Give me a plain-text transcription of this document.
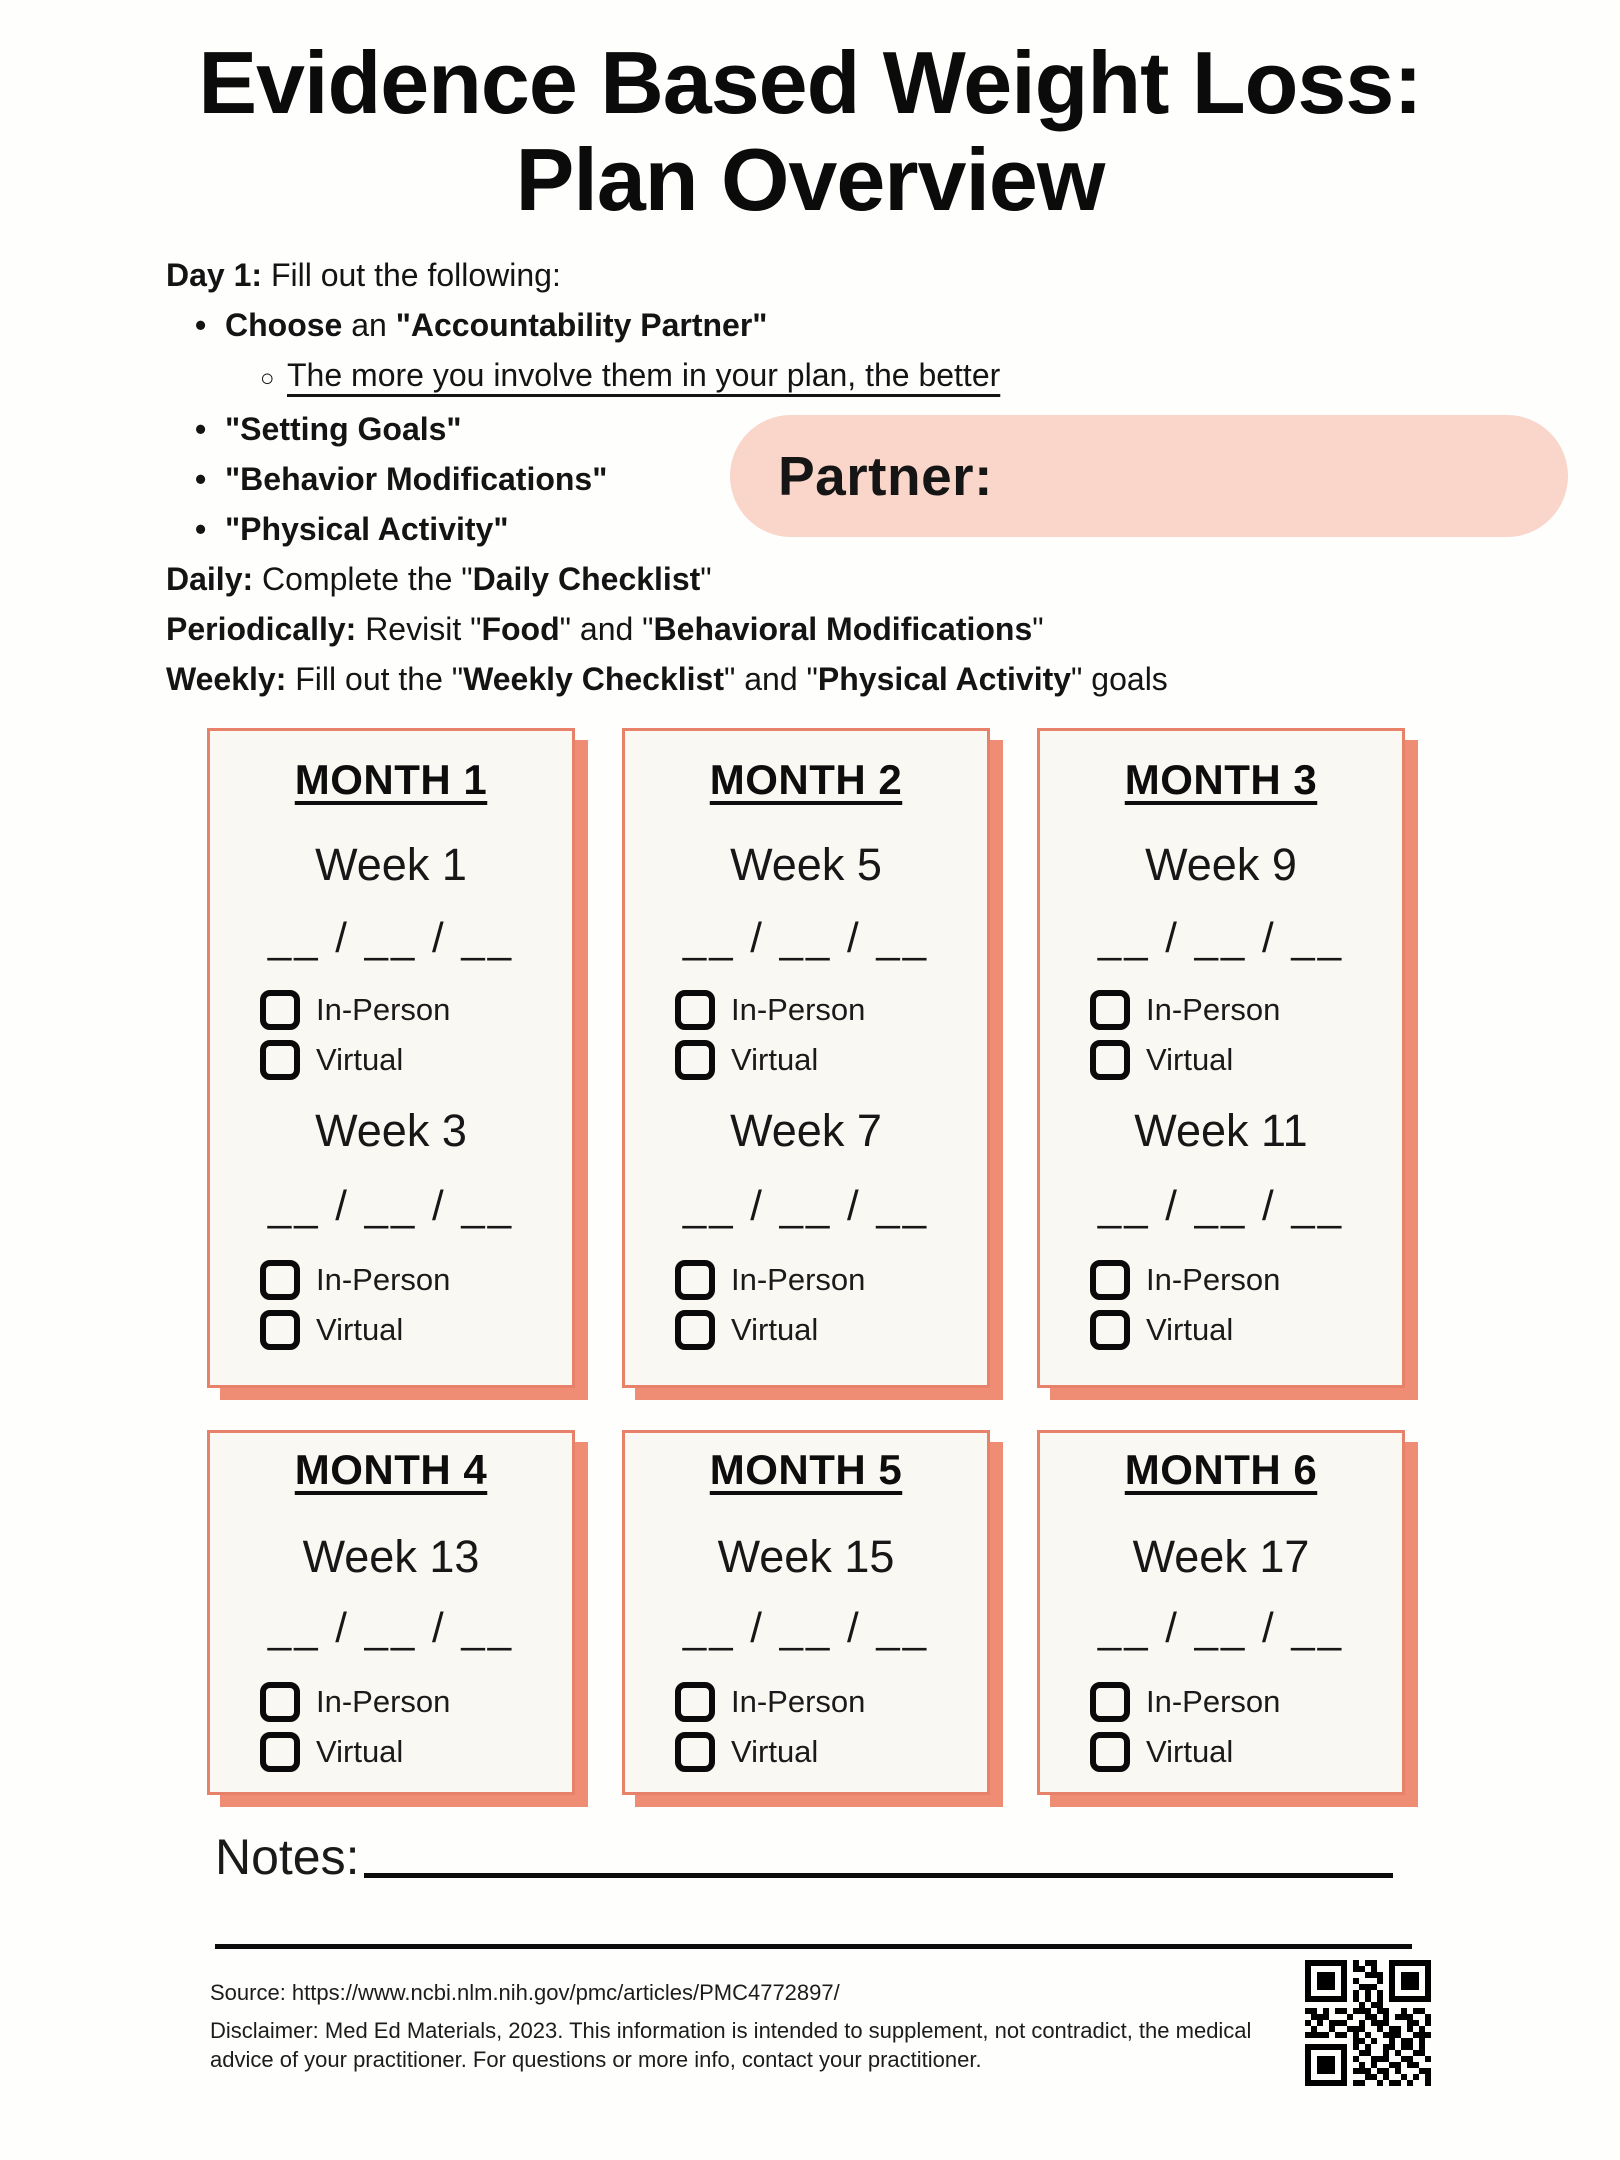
Evidence Based Weight Loss:
Plan Overview
Day 1: Fill out the following:
• Choose an "Accountability Partner"
○ The more you involve them in your plan, the better
• "Setting Goals"
• "Behavior Modifications"
• "Physical Activity"
Daily: Complete the "Daily Checklist"
Periodically: Revisit "Food" and "Behavioral Modifications"
Weekly: Fill out the "Weekly Checklist" and "Physical Activity" goals
Partner:
MONTH 1
Week 1
__ / __ / __
In-Person
Virtual
Week 3
__ / __ / __
In-Person
Virtual
MONTH 2
Week 5
__ / __ / __
In-Person
Virtual
Week 7
__ / __ / __
In-Person
Virtual
MONTH 3
Week 9
__ / __ / __
In-Person
Virtual
Week 11
__ / __ / __
In-Person
Virtual
MONTH 4
Week 13
__ / __ / __
In-Person
Virtual
MONTH 5
Week 15
__ / __ / __
In-Person
Virtual
MONTH 6
Week 17
__ / __ / __
In-Person
Virtual
Notes:
Source: https://www.ncbi.nlm.nih.gov/pmc/articles/PMC4772897/
Disclaimer: Med Ed Materials, 2023. This information is intended to supplement, not contradict, the medical advice of your practitioner. For questions or more info, contact your practitioner.
